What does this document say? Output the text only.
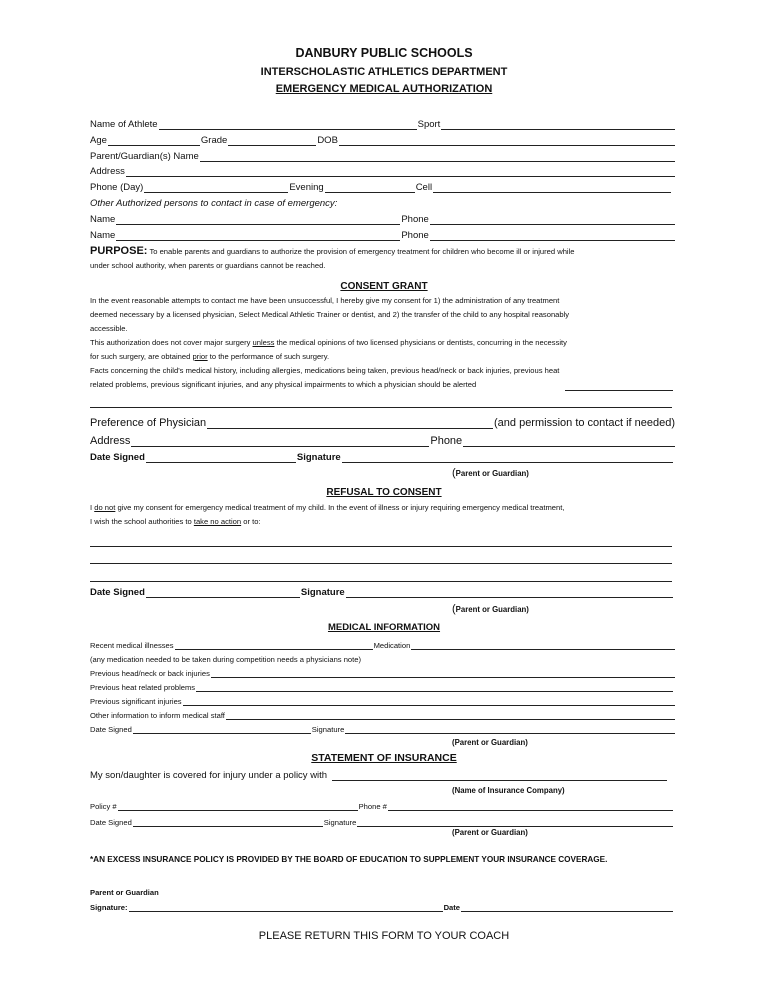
DANBURY PUBLIC SCHOOLS
INTERSCHOLASTIC ATHLETICS DEPARTMENT
EMERGENCY MEDICAL AUTHORIZATION
Name of Athlete	Sport
Age	Grade	DOB
Parent/Guardian(s) Name
Address
Phone (Day)	Evening	Cell
Other Authorized persons to contact in case of emergency:
Name	Phone
Name	Phone
PURPOSE: To enable parents and guardians to authorize the provision of emergency treatment for children who become ill or injured while
under school authority, when parents or guardians cannot be reached.
CONSENT GRANT
In the event reasonable attempts to contact me have been unsuccessful, I hereby give my consent for 1) the administration of any treatment
deemed necessary by a licensed physician, Select Medical Athletic Trainer or dentist, and 2) the transfer of the child to any hospital reasonably
accessible.
This authorization does not cover major surgery unless the medical opinions of two licensed physicians or dentists, concurring in the necessity
for such surgery, are obtained prior to the performance of such surgery.
Facts concerning the child's medical history, including allergies, medications being taken, previous head/neck or back injuries, previous heat
related problems, previous significant injuries, and any physical impairments to which a physician should be alerted
Preference of Physician	(and permission to contact if needed)
Address	Phone
Date Signed	Signature
(Parent or Guardian)
REFUSAL TO CONSENT
I do not give my consent for emergency medical treatment of my child. In the event of illness or injury requiring emergency medical treatment,
I wish the school authorities to take no action or to:
Date Signed	Signature
(Parent or Guardian)
MEDICAL INFORMATION
Recent medical illnesses	Medication
(any medication needed to be taken during competition needs a physicians note)
Previous head/neck or back injuries
Previous heat related problems
Previous significant injuries
Other information to inform medical staff
Date Signed	Signature
(Parent or Guardian)
STATEMENT OF INSURANCE
My son/daughter is covered for injury under a policy with
(Name of Insurance Company)
Policy #	Phone #
Date Signed	Signature
(Parent or Guardian)
*AN EXCESS INSURANCE POLICY IS PROVIDED BY THE BOARD OF EDUCATION TO SUPPLEMENT YOUR INSURANCE COVERAGE.
Parent or Guardian
Signature:	Date
PLEASE RETURN THIS FORM TO YOUR COACH
